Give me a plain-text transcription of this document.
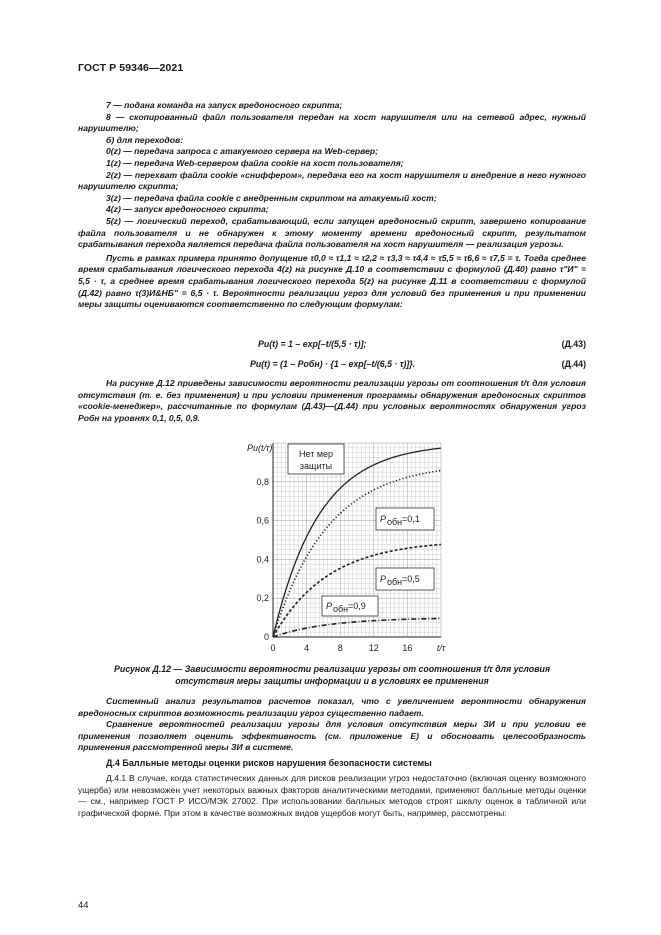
ГОСТ Р 59346—2021

7 — подана команда на запуск вредоносного скрипта;

8 — скопированный файл пользователя передан на хост нарушителя или на сетевой адрес, нужный нарушителю;

б) для переходов:

0(z) — передача запроса с атакуемого сервера на Web-сервер;

1(z) — передача Web-сервером файла cookie на хост пользователя;

2(z) — перехват файла cookie «сниффером», передача его на хост нарушителя и внедрение в него нужного нарушителю скрипта;

3(z) — передача файла cookie с внедренным скриптом на атакуемый хост;

4(z) — запуск вредоносного скрипта;

5(z) — логический переход, срабатывающий, если запущен вредоносный скрипт, завершено копирование файла пользователя и не обнаружен к этому моменту времени вредоносный скрипт, результатом срабатывания перехода является передача файла пользователя на хост нарушителя — реализация угрозы.

Пусть в рамках примера принято допущение τ0,0 ≈ τ1,1 ≈ τ2,2 ≈ τ3,3 ≈ τ4,4 ≈ τ5,5 ≈ τ6,6 ≈ τ7,5 = τ. Тогда среднее время срабатывания логического перехода 4(z) на рисунке Д.10 в соответствии с формулой (Д.40) равно τ"И" = 5,5 · τ, а среднее время срабатывания логического перехода 5(z) на рисунке Д.11 в соответствии с формулой (Д.42) равно τ(3)И&НБ" = 6,5 · τ. Вероятности реализации угроз для условий без применения и при применении меры защиты оцениваются соответственно по следующим формулам:

Pu(t) = 1 – exp[–t/(5,5 · τ)];	(Д.43)
Pu(t) = (1 – Pобн) · {1 – exp[–t/(6,5 · τ)]}.	(Д.44)

На рисунке Д.12 приведены зависимости вероятности реализации угрозы от соотношения t/τ для условия отсутствия (т. е. без применения) и при условии применения программы обнаружения вредоносных скриптов «cookie-менеджер», рассчитанные по формулам (Д.43)—(Д.44) при условных вероятностях обнаружения угроз Pобн на уровнях 0,1, 0,5, 0,9.

0	4	8	12	16	t/τ
0
0,2
0,4
0,6
0,8
Pu(t/τ)
Нет мер
защиты
P обн =0,1
P обн =0,5
P обн =0,9
Рисунок Д.12 — Зависимости вероятности реализации угрозы от соотношения t/τ для условия
отсутствия меры защиты информации и в условиях ее применения

Системный анализ результатов расчетов показал, что с увеличением вероятности обнаружения вредоносных скриптов возможность реализации угроз существенно падает.

Сравнение вероятностей реализации угрозы для условия отсутствия меры ЗИ и при условии ее применения позволяет оценить эффективность (см. приложение Е) и обосновать целесообразность применения рассмотренной меры ЗИ в системе.

Д.4 Балльные методы оценки рисков нарушения безопасности системы

Д.4.1 В случае, когда статистических данных для рисков реализации угроз недостаточно (включая оценку возможного ущерба) или невозможен учет некоторых важных факторов аналитическими методами, применяют балльные методы оценки — см., например ГОСТ Р ИСО/МЭК 27002. При использовании балльных методов строят шкалу оценок в табличной или графической форме. При этом в качестве возможных видов ущербов могут быть, например, рассмотрены:

44
